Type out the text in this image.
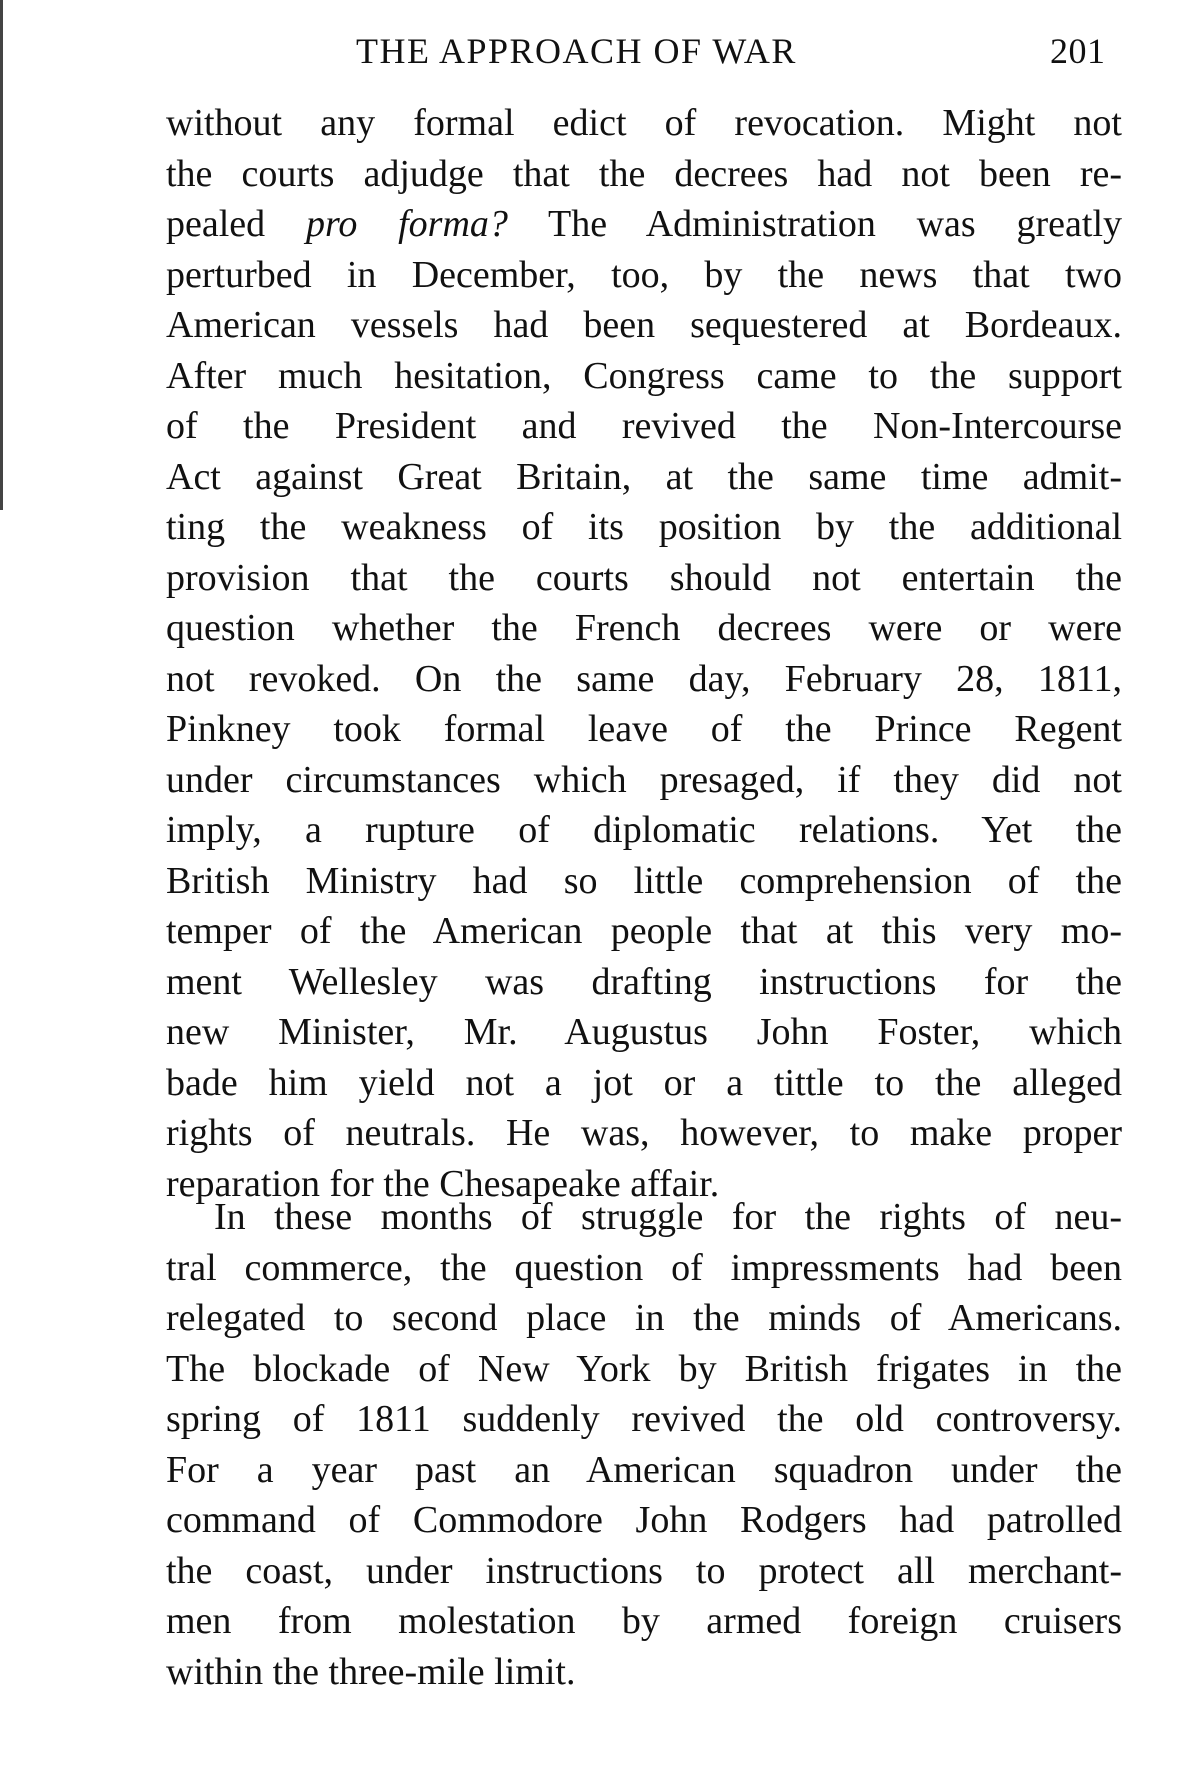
THE APPROACH OF WAR	201
without any formal edict of revocation. Might not
the courts adjudge that the decrees had not been re-
pealed pro forma? The Administration was greatly
perturbed in December, too, by the news that two
American vessels had been sequestered at Bordeaux.
After much hesitation, Congress came to the support
of the President and revived the Non-Intercourse
Act against Great Britain, at the same time admit-
ting the weakness of its position by the additional
provision that the courts should not entertain the
question whether the French decrees were or were
not revoked. On the same day, February 28, 1811,
Pinkney took formal leave of the Prince Regent
under circumstances which presaged, if they did not
imply, a rupture of diplomatic relations. Yet the
British Ministry had so little comprehension of the
temper of the American people that at this very mo-
ment Wellesley was drafting instructions for the
new Minister, Mr. Augustus John Foster, which
bade him yield not a jot or a tittle to the alleged
rights of neutrals. He was, however, to make proper
reparation for the Chesapeake affair.
In these months of struggle for the rights of neu-
tral commerce, the question of impressments had been
relegated to second place in the minds of Americans.
The blockade of New York by British frigates in the
spring of 1811 suddenly revived the old controversy.
For a year past an American squadron under the
command of Commodore John Rodgers had patrolled
the coast, under instructions to protect all merchant-
men from molestation by armed foreign cruisers
within the three-mile limit.
